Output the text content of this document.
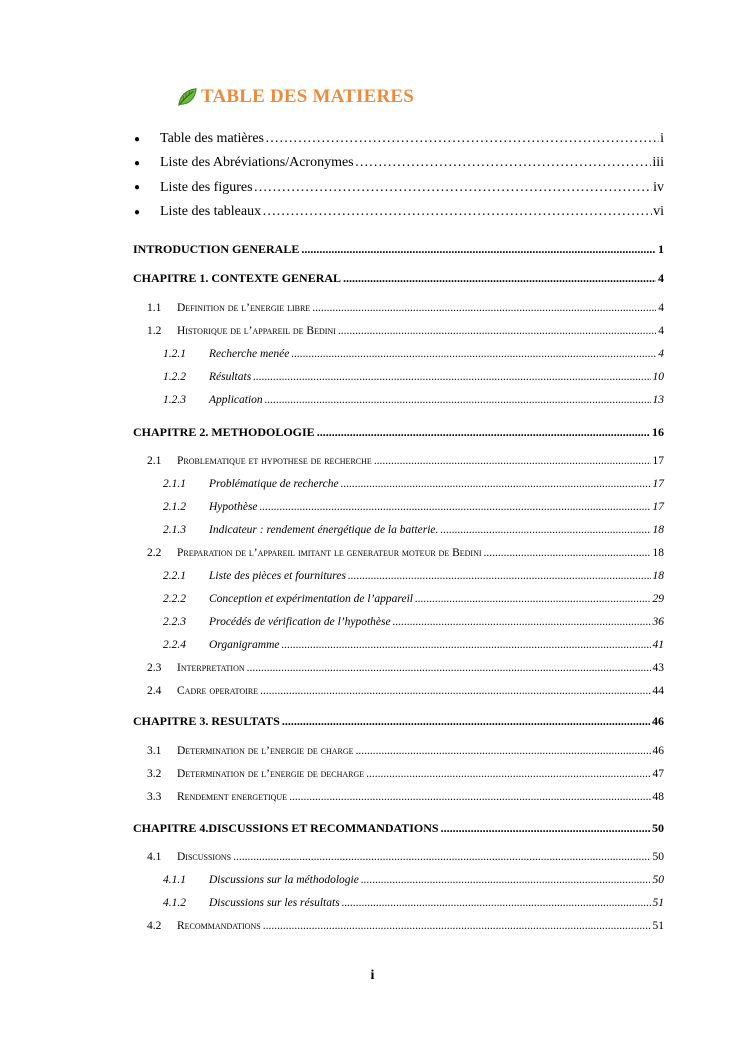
TABLE DES MATIERES
●	Table des matières ……………………………………………………………………………………………………………………………………………………………	i
●	Liste des Abréviations/Acronymes ……………………………………………………………………………………………………………………………………………………………	iii
●	Liste des figures ……………………………………………………………………………………………………………………………………………………………	iv
●	Liste des tableaux ……………………………………………………………………………………………………………………………………………………………	vi
INTRODUCTION GENERALE .....	1
CHAPITRE 1. CONTEXTE GENERAL .....	4
1.1	Definition de l’energie libre .....	4
1.2	Historique de l’appareil de Bedini .....	4
1.2.1	Recherche menée .....	4
1.2.2	Résultats .....	10
1.2.3	Application .....	13
CHAPITRE 2. METHODOLOGIE .....	16
2.1	Problematique et hypothese de recherche .....	17
2.1.1	Problématique de recherche .....	17
2.1.2	Hypothèse .....	17
2.1.3	Indicateur : rendement énergétique de la batterie. .....	18
2.2	Preparation de l’appareil imitant le generateur moteur de Bedini .....	18
2.2.1	Liste des pièces et fournitures .....	18
2.2.2	Conception et expérimentation de l’appareil .....	29
2.2.3	Procédés de vérification de l’hypothèse .....	36
2.2.4	Organigramme .....	41
2.3	Interpretation .....	43
2.4	Cadre operatoire .....	44
CHAPITRE 3. RESULTATS .....	46
3.1	Determination de l’energie de charge .....	46
3.2	Determination de l’energie de decharge .....	47
3.3	Rendement energetique .....	48
CHAPITRE 4.DISCUSSIONS ET RECOMMANDATIONS .....	50
4.1	Discussions .....	50
4.1.1	Discussions sur la méthodologie .....	50
4.1.2	Discussions sur les résultats .....	51
4.2	Recommandations .....	51
i
